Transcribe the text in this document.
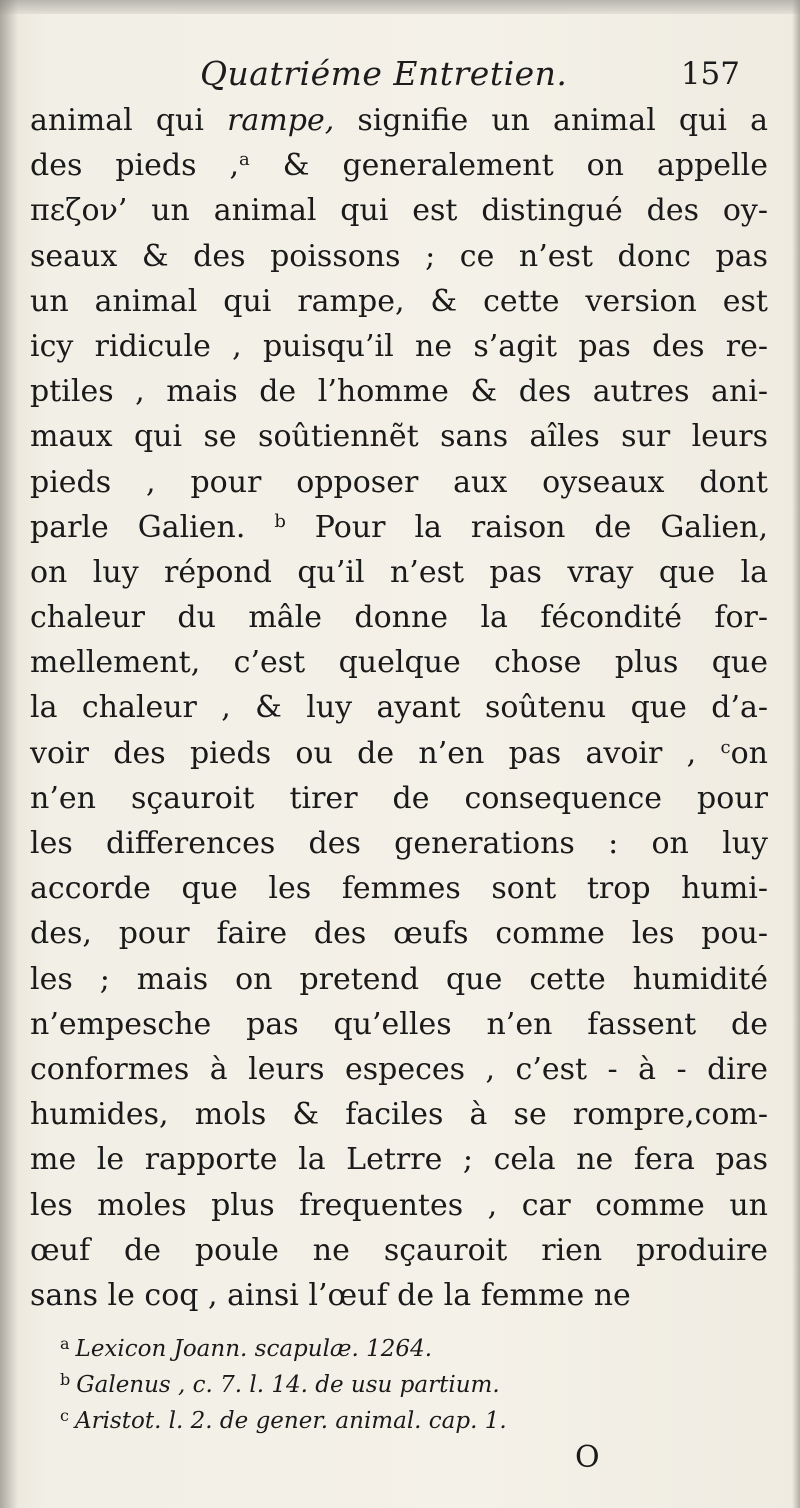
Quatriéme Entretien.	157
animal qui rampe, signifie un animal qui a
des pieds ,$^a$ & generalement on appelle
πεζον’ un animal qui est distingué des oy-
seaux & des poissons ; ce n’est donc pas
un animal qui rampe, & cette version est
icy ridicule , puisqu’il ne s’agit pas des re-
ptiles , mais de l’homme & des autres ani-
maux qui se soûtiennẽt sans aîles sur leurs
pieds , pour opposer aux oyseaux dont
parle Galien. $^b$ Pour la raison de Galien,
on luy répond qu’il n’est pas vray que la
chaleur du mâle donne la fécondité for-
mellement, c’est quelque chose plus que
la chaleur , & luy ayant soûtenu que d’a-
voir des pieds ou de n’en pas avoir , $^c$on
n’en sçauroit tirer de consequence pour
les differences des generations : on luy
accorde que les femmes sont trop humi-
des, pour faire des œufs comme les pou-
les ; mais on pretend que cette humidité
n’empesche pas qu’elles n’en fassent de
conformes à leurs especes , c’est - à - dire
humides, mols & faciles à se rompre,com-
me le rapporte la Letrre ; cela ne fera pas
les moles plus frequentes , car comme un
œuf de poule ne sçauroit rien produire
sans le coq , ainsi l’œuf de la femme ne
$^a$ Lexicon Joann. scapulæ. 1264.
$^b$ Galenus , c. 7. l. 14. de usu partium.
$^c$ Aristot. l. 2. de gener. animal. cap. 1.
O
